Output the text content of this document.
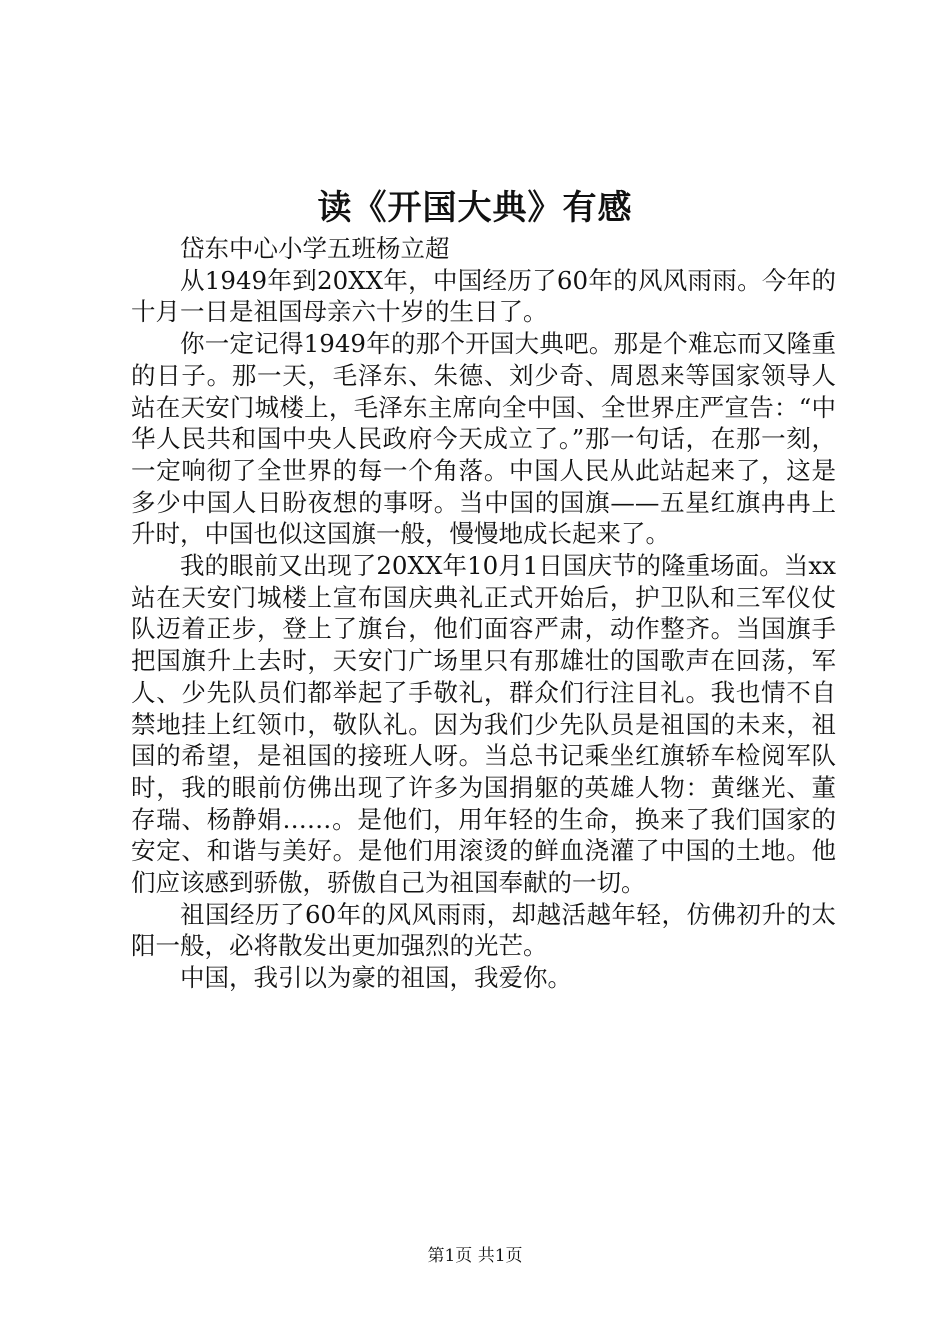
读《开国大典》有感

岱东中心小学五班杨立超

从1949年到20XX年，中国经历了60年的风风雨雨。今年的十月一日是祖国母亲六十岁的生日了。

你一定记得1949年的那个开国大典吧。那是个难忘而又隆重的日子。那一天，毛泽东、朱德、刘少奇、周恩来等国家领导人站在天安门城楼上，毛泽东主席向全中国、全世界庄严宣告：“中华人民共和国中央人民政府今天成立了。”那一句话，在那一刻，一定响彻了全世界的每一个角落。中国人民从此站起来了，这是多少中国人日盼夜想的事呀。当中国的国旗——五星红旗冉冉上升时，中国也似这国旗一般，慢慢地成长起来了。

我的眼前又出现了20XX年10月1日国庆节的隆重场面。当xx站在天安门城楼上宣布国庆典礼正式开始后，护卫队和三军仪仗队迈着正步，登上了旗台，他们面容严肃，动作整齐。当国旗手把国旗升上去时，天安门广场里只有那雄壮的国歌声在回荡，军人、少先队员们都举起了手敬礼，群众们行注目礼。我也情不自禁地挂上红领巾，敬队礼。因为我们少先队员是祖国的未来，祖国的希望，是祖国的接班人呀。当总书记乘坐红旗轿车检阅军队时，我的眼前仿佛出现了许多为国捐躯的英雄人物：黄继光、董存瑞、杨静娟……。是他们，用年轻的生命，换来了我们国家的安定、和谐与美好。是他们用滚烫的鲜血浇灌了中国的土地。他们应该感到骄傲，骄傲自己为祖国奉献的一切。

祖国经历了60年的风风雨雨，却越活越年轻，仿佛初升的太阳一般，必将散发出更加强烈的光芒。

中国，我引以为豪的祖国，我爱你。

第1页 共1页
